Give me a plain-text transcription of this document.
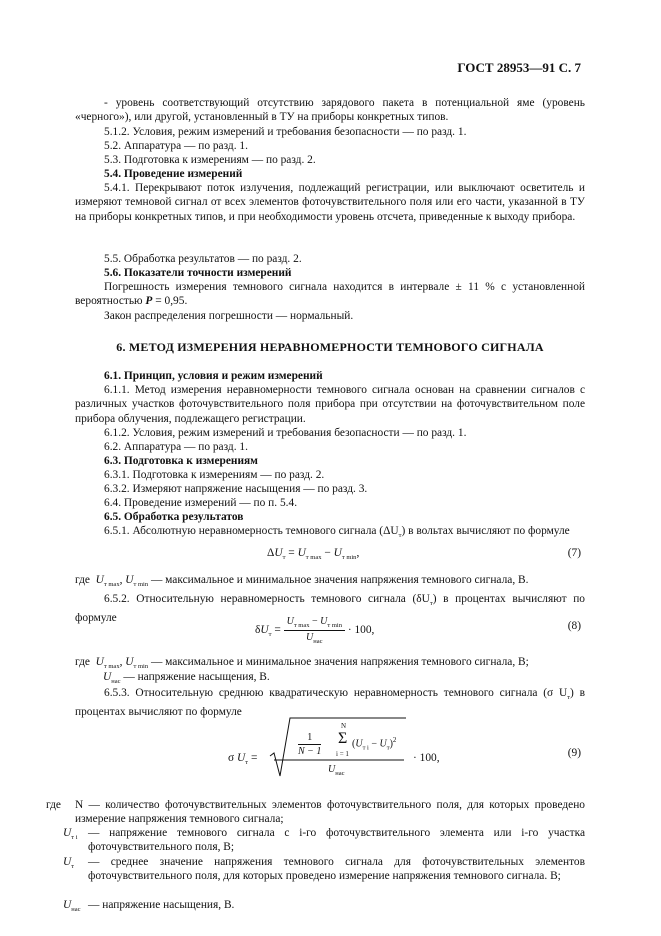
ГОСТ 28953—91 С. 7
- уровень соответствующий отсутствию зарядового пакета в потенциальной яме (уровень «черного»), или другой, установленный в ТУ на приборы конкретных типов.
5.1.2. Условия, режим измерений и требования безопасности — по разд. 1.
5.2. Аппаратура — по разд. 1.
5.3. Подготовка к измерениям — по разд. 2.
5.4. Проведение измерений
5.4.1. Перекрывают поток излучения, подлежащий регистрации, или выключают осветитель и измеряют темновой сигнал от всех элементов фоточувствительного поля или его части, указанной в ТУ на приборы конкретных типов, и при необходимости уровень отсчета, приведенные к выходу прибора.
5.5. Обработка результатов — по разд. 2.
5.6. Показатели точности измерений
Погрешность измерения темнового сигнала находится в интервале ± 11 % с установленной вероятностью P = 0,95.
Закон распределения погрешности — нормальный.
6. МЕТОД ИЗМЕРЕНИЯ НЕРАВНОМЕРНОСТИ ТЕМНОВОГО СИГНАЛА
6.1. Принцип, условия и режим измерений
6.1.1. Метод измерения неравномерности темнового сигнала основан на сравнении сигналов с различных участков фоточувствительного поля прибора при отсутствии на фоточувствительном поле прибора облучения, подлежащего регистрации.
6.1.2. Условия, режим измерений и требования безопасности — по разд. 1.
6.2. Аппаратура — по разд. 1.
6.3. Подготовка к измерениям
6.3.1. Подготовка к измерениям — по разд. 2.
6.3.2. Измеряют напряжение насыщения — по разд. 3.
6.4. Проведение измерений — по п. 5.4.
6.5. Обработка результатов
6.5.1. Абсолютную неравномерность темнового сигнала $(\Delta U_т)$ в вольтах вычисляют по формуле
$\Delta U_т = U_{т max} - U_{т min}$,	(7)
где $U_{т max}$, $U_{т min}$ — максимальное и минимальное значения напряжения темнового сигнала, В.
6.5.2. Относительную неравномерность темнового сигнала $(\delta U_т)$ в процентах вычисляют по формуле
$\delta U_т = \frac{U_{т max} - U_{т min}}{U_{нас}} \cdot 100$,	(8)
где $U_{т max}$, $U_{т min}$ — максимальное и минимальное значения напряжения темнового сигнала, В;
$U_{нас}$ — напряжение насыщения, В.
6.5.3. Относительную среднюю квадратическую неравномерность темнового сигнала (σ $U_т$) в процентах вычисляют по формуле
σ $U_т$ =
$\frac{1}{N - 1}$
N
Σ
i = 1
$(U_{т i} - U_т)^2$
$U_{нас}$
· 100,	(9)
где N — количество фоточувствительных элементов фоточувствительного поля, для которых проведено измерение напряжения темнового сигнала;
$U_{т i}$ — напряжение темнового сигнала с i-го фоточувствительного элемента или i-го участка фоточувствительного поля, В;
$U_т$ — среднее значение напряжения темнового сигнала для фоточувствительных элементов фоточувствительного поля, для которых проведено измерение напряжения темнового сигнала. В;
$U_{нас}$ — напряжение насыщения, В.
